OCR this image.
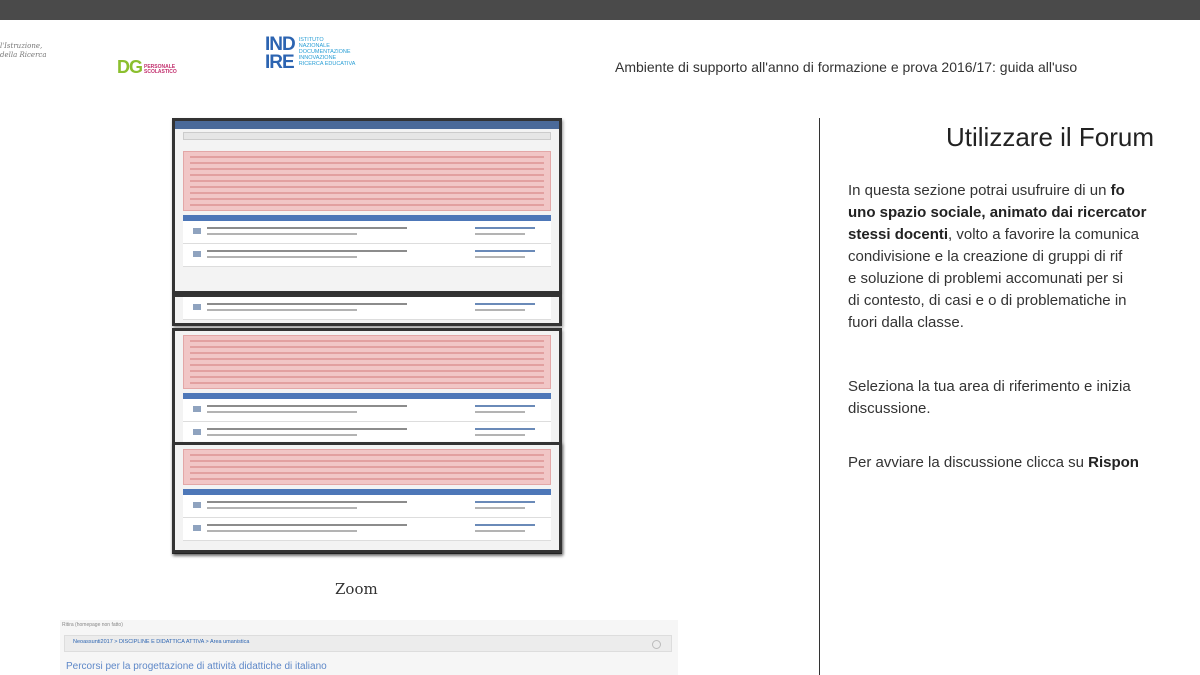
l'Istruzione,
della Ricerca
DG PERSONALE
SCOLASTICO
IND
IRE
ISTITUTO
NAZIONALE
DOCUMENTAZIONE
INNOVAZIONE
RICERCA EDUCATIVA	Ambiente di supporto all'anno di formazione e prova 2016/17: guida all'uso
Zoom
Ritira (homepage non fatto)
Neoassunti2017 > DISCIPLINE E DIDATTICA ATTIVA > Area umanistica
Percorsi per la progettazione di attività didattiche di italiano
Utilizzare il Forum
In questa sezione potrai usufruire di un fo
uno spazio sociale, animato dai ricercator
stessi docenti, volto a favorire la comunica
condivisione e la creazione di gruppi di rif
e soluzione di problemi accomunati per si
di contesto, di casi e o di problematiche in
fuori dalla classe.
Seleziona la tua area di riferimento e inizia
discussione.
Per avviare la discussione clicca su Rispon
